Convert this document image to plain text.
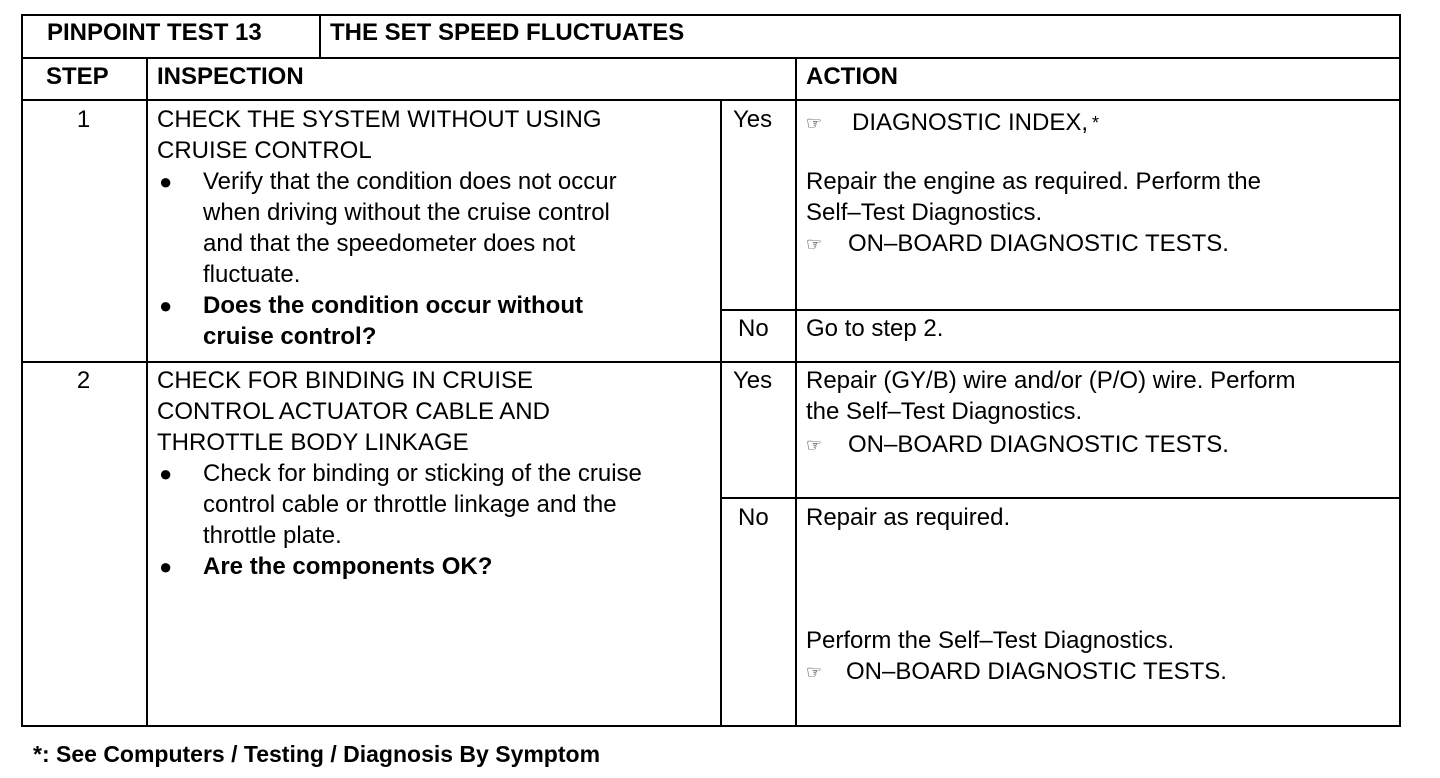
PINPOINT TEST 13	THE SET SPEED FLUCTUATES
STEP INSPECTION	ACTION
1	CHECK THE SYSTEM WITHOUT USING
CRUISE CONTROL
● Verify that the condition does not occur
when driving without the cruise control
and that the speedometer does not
fluctuate.
● Does the condition occur without
cruise control?
Yes ☞ DIAGNOSTIC INDEX, *
Repair the engine as required. Perform the
Self–Test Diagnostics.
☞ ON–BOARD DIAGNOSTIC TESTS.
No Go to step 2.
2	CHECK FOR BINDING IN CRUISE
CONTROL ACTUATOR CABLE AND
THROTTLE BODY LINKAGE
● Check for binding or sticking of the cruise
control cable or throttle linkage and the
throttle plate.
● Are the components OK?
Yes Repair (GY/B) wire and/or (P/O) wire. Perform
the Self–Test Diagnostics.
☞ ON–BOARD DIAGNOSTIC TESTS.
No Repair as required.
Perform the Self–Test Diagnostics.
☞ ON–BOARD DIAGNOSTIC TESTS.
*: See Computers / Testing / Diagnosis By Symptom
